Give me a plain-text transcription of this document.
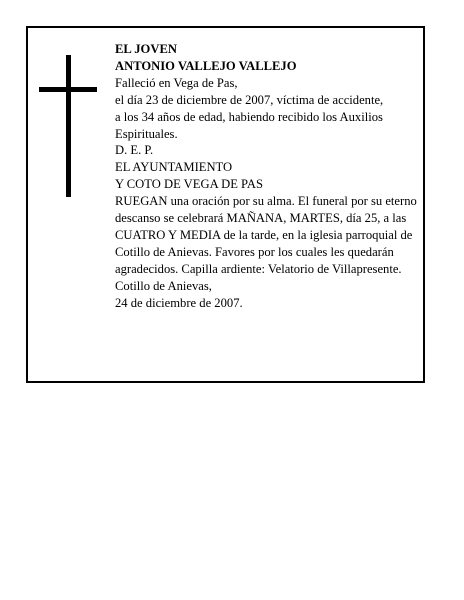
EL JOVEN
ANTONIO VALLEJO VALLEJO
Falleció en Vega de Pas,
el día 23 de diciembre de 2007, víctima de accidente,
a los 34 años de edad, habiendo recibido los Auxilios
Espirituales.
D. E. P.
EL AYUNTAMIENTO
Y COTO DE VEGA DE PAS
RUEGAN una oración por su alma. El funeral por su eterno descanso se celebrará MAÑANA, MARTES, día 25, a las CUATRO Y MEDIA de la tarde, en la iglesia parroquial de Cotillo de Anievas. Favores por los cuales les quedarán agradecidos. Capilla ardiente: Velatorio de Villapresente.
Cotillo de Anievas,
24 de diciembre de 2007.
